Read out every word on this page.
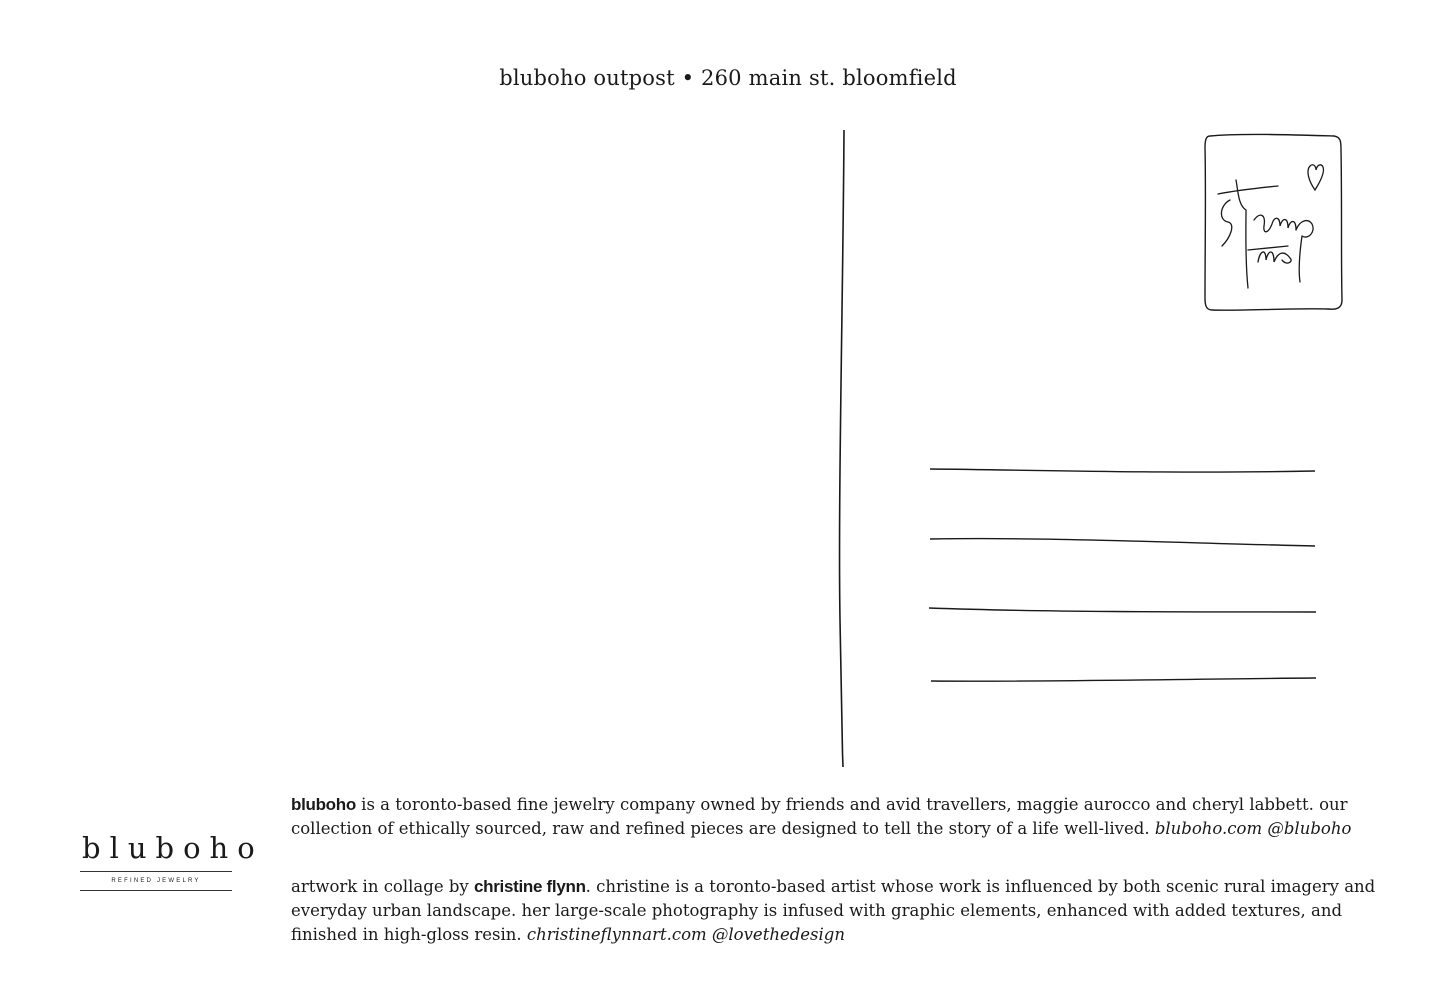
bluboho outpost • 260 main st. bloomfield
stamp
bluboho
REFINED JEWELRY
bluboho is a toronto-based fine jewelry company owned by friends and avid travellers, maggie aurocco and cheryl labbett. our collection of ethically sourced, raw and refined pieces are designed to tell the story of a life well-lived. bluboho.com @bluboho
artwork in collage by christine flynn. christine is a toronto-based artist whose work is influenced by both scenic rural imagery and everyday urban landscape. her large-scale photography is infused with graphic elements, enhanced with added textures, and finished in high-gloss resin. christineflynnart.com @lovethedesign
